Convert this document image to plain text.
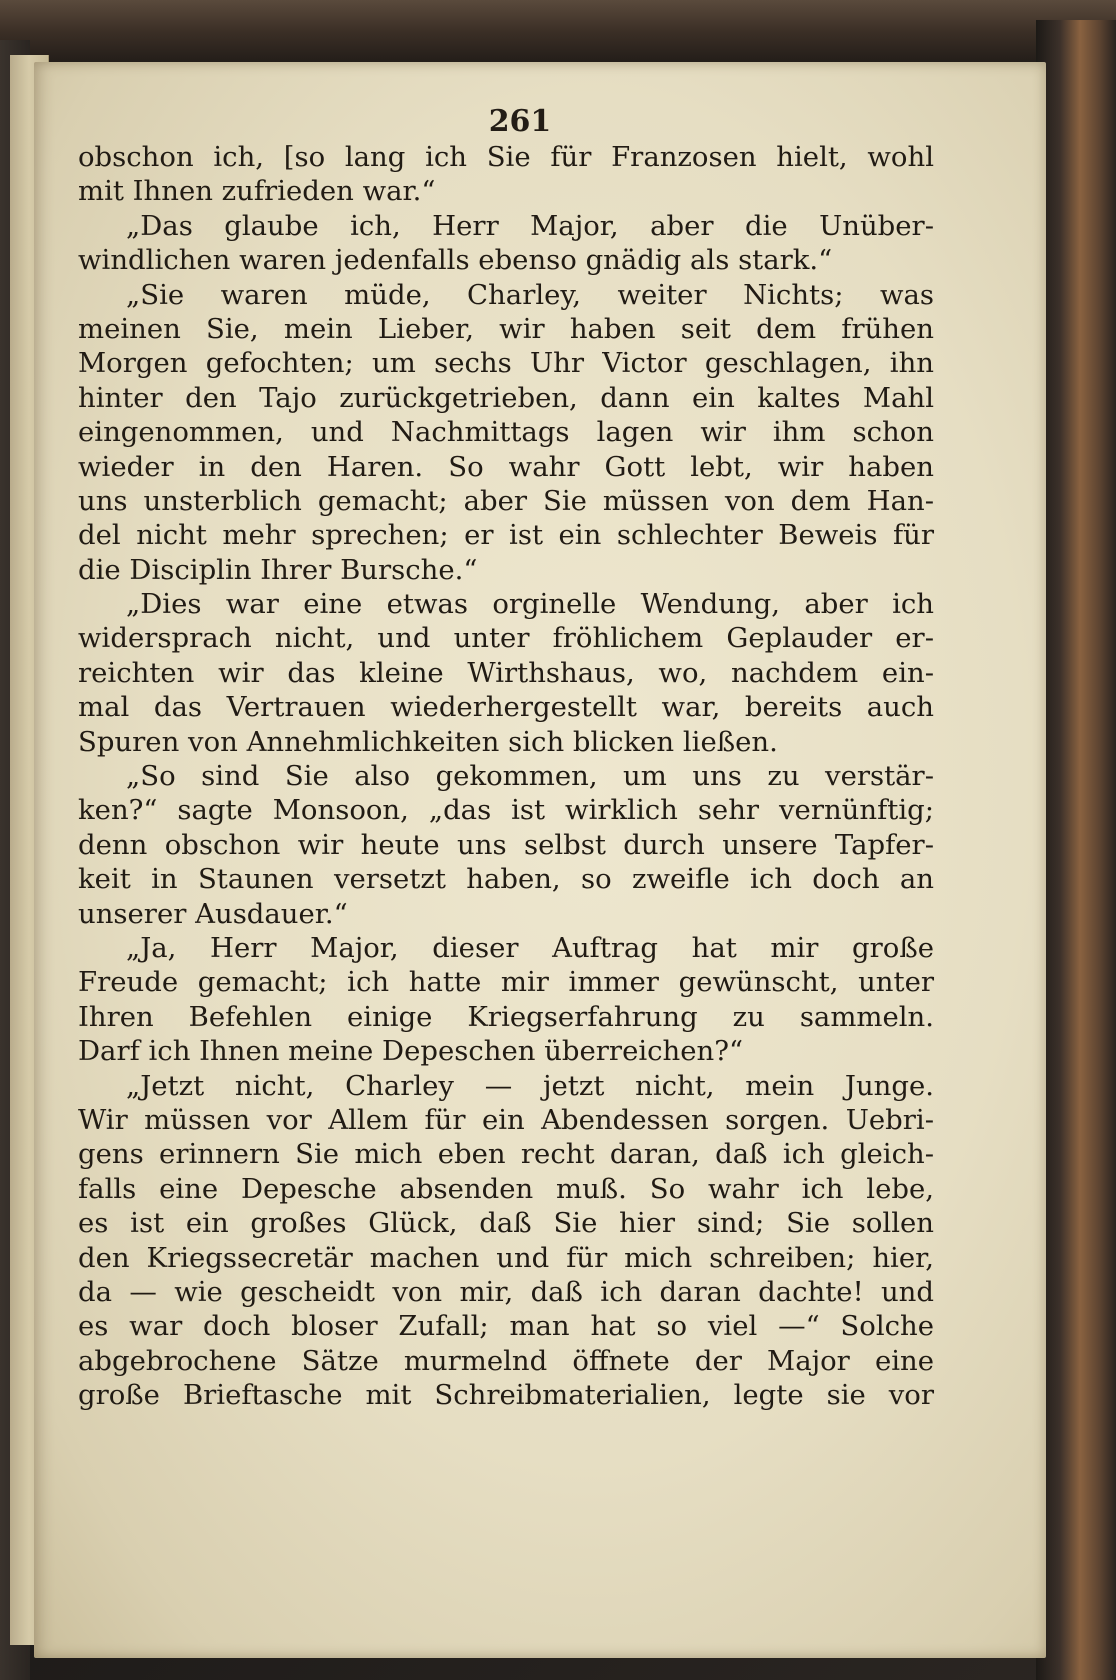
261
obschon ich, [so lang ich Sie für Franzosen hielt, wohl
mit Ihnen zufrieden war.“
„Das glaube ich, Herr Major, aber die Unüber-
windlichen waren jedenfalls ebenso gnädig als stark.“
„Sie waren müde, Charley, weiter Nichts; was
meinen Sie, mein Lieber, wir haben seit dem frühen
Morgen gefochten; um sechs Uhr Victor geschlagen, ihn
hinter den Tajo zurückgetrieben, dann ein kaltes Mahl
eingenommen, und Nachmittags lagen wir ihm schon
wieder in den Haren. So wahr Gott lebt, wir haben
uns unsterblich gemacht; aber Sie müssen von dem Han-
del nicht mehr sprechen; er ist ein schlechter Beweis für
die Disciplin Ihrer Bursche.“
„Dies war eine etwas orginelle Wendung, aber ich
widersprach nicht, und unter fröhlichem Geplauder er-
reichten wir das kleine Wirthshaus, wo, nachdem ein-
mal das Vertrauen wiederhergestellt war, bereits auch
Spuren von Annehmlichkeiten sich blicken ließen.
„So sind Sie also gekommen, um uns zu verstär-
ken?“ sagte Monsoon, „das ist wirklich sehr vernünftig;
denn obschon wir heute uns selbst durch unsere Tapfer-
keit in Staunen versetzt haben, so zweifle ich doch an
unserer Ausdauer.“
„Ja, Herr Major, dieser Auftrag hat mir große
Freude gemacht; ich hatte mir immer gewünscht, unter
Ihren Befehlen einige Kriegserfahrung zu sammeln.
Darf ich Ihnen meine Depeschen überreichen?“
„Jetzt nicht, Charley — jetzt nicht, mein Junge.
Wir müssen vor Allem für ein Abendessen sorgen. Uebri-
gens erinnern Sie mich eben recht daran, daß ich gleich-
falls eine Depesche absenden muß. So wahr ich lebe,
es ist ein großes Glück, daß Sie hier sind; Sie sollen
den Kriegssecretär machen und für mich schreiben; hier,
da — wie gescheidt von mir, daß ich daran dachte! und
es war doch bloser Zufall; man hat so viel —“ Solche
abgebrochene Sätze murmelnd öffnete der Major eine
große Brieftasche mit Schreibmaterialien, legte sie vor
